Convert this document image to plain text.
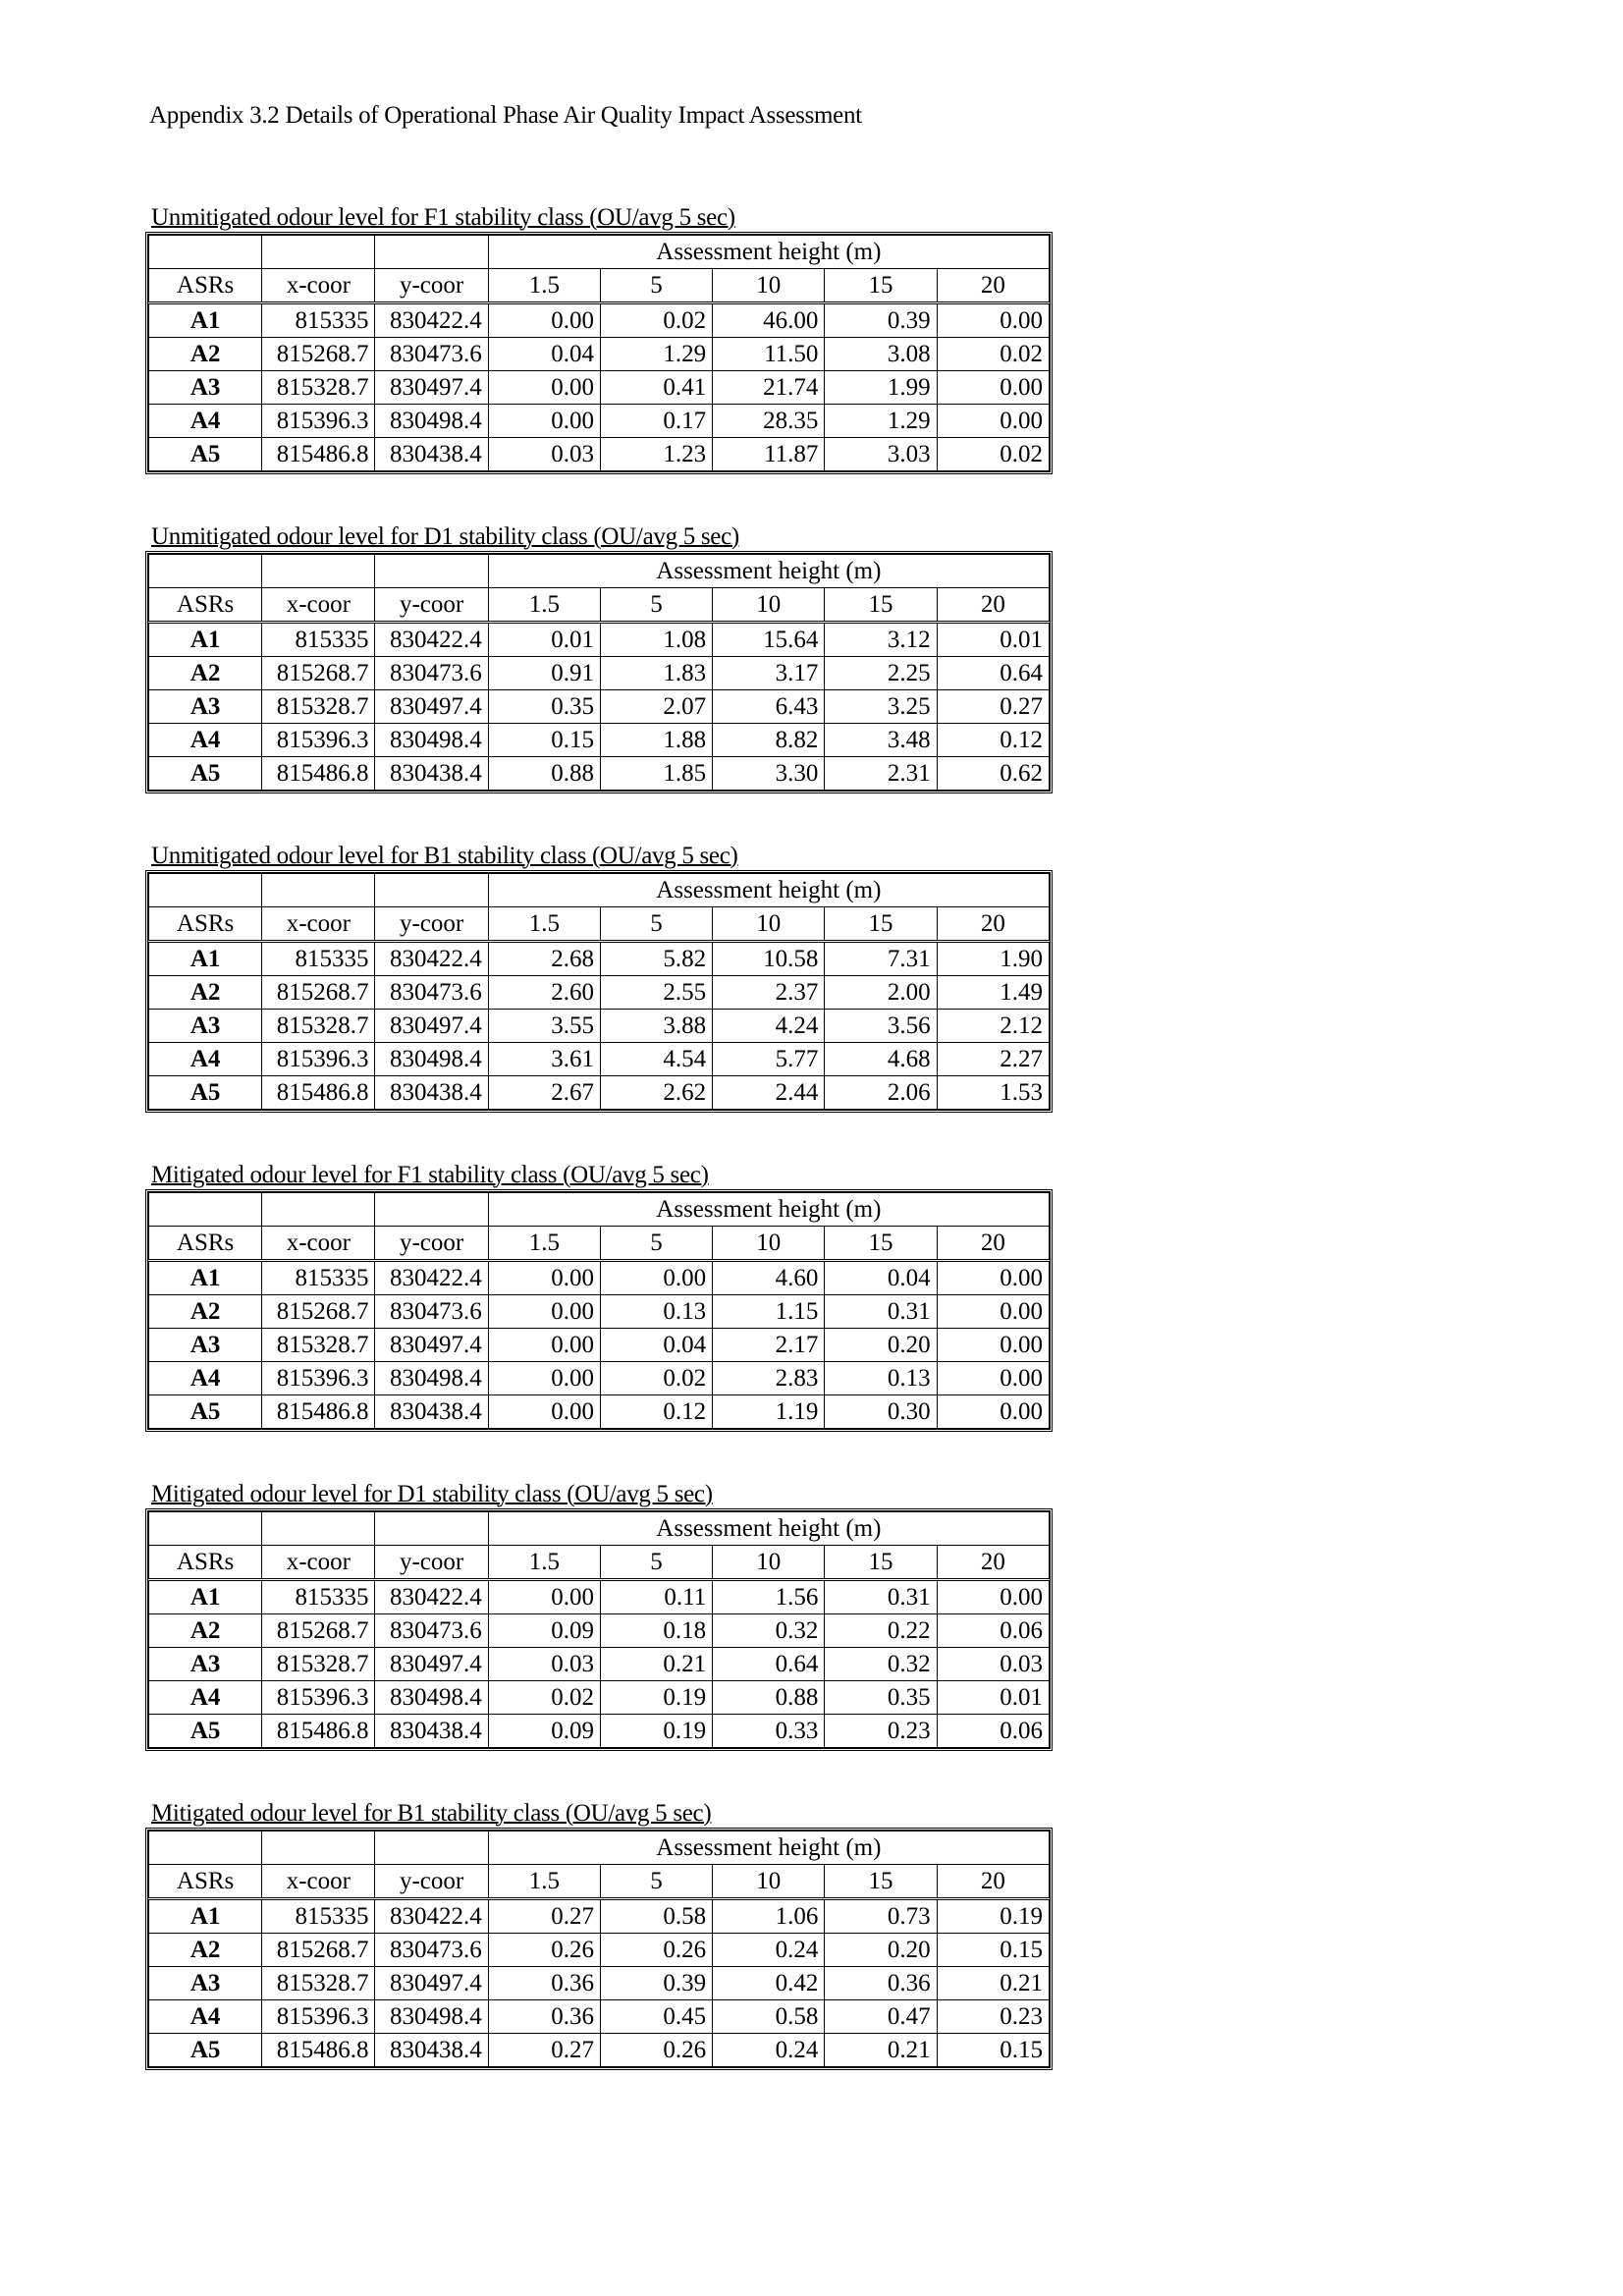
Appendix 3.2 Details of Operational Phase Air Quality Impact Assessment
Unmitigated odour level for F1 stability class (OU/avg 5 sec)
			Assessment height (m)				
ASRs	x-coor	y-coor	1.5	5	10	15	20
A1	815335	830422.4	0.00	0.02	46.00	0.39	0.00
A2	815268.7	830473.6	0.04	1.29	11.50	3.08	0.02
A3	815328.7	830497.4	0.00	0.41	21.74	1.99	0.00
A4	815396.3	830498.4	0.00	0.17	28.35	1.29	0.00
A5	815486.8	830438.4	0.03	1.23	11.87	3.03	0.02
Unmitigated odour level for D1 stability class (OU/avg 5 sec)
			Assessment height (m)				
ASRs	x-coor	y-coor	1.5	5	10	15	20
A1	815335	830422.4	0.01	1.08	15.64	3.12	0.01
A2	815268.7	830473.6	0.91	1.83	3.17	2.25	0.64
A3	815328.7	830497.4	0.35	2.07	6.43	3.25	0.27
A4	815396.3	830498.4	0.15	1.88	8.82	3.48	0.12
A5	815486.8	830438.4	0.88	1.85	3.30	2.31	0.62
Unmitigated odour level for B1 stability class (OU/avg 5 sec)
			Assessment height (m)				
ASRs	x-coor	y-coor	1.5	5	10	15	20
A1	815335	830422.4	2.68	5.82	10.58	7.31	1.90
A2	815268.7	830473.6	2.60	2.55	2.37	2.00	1.49
A3	815328.7	830497.4	3.55	3.88	4.24	3.56	2.12
A4	815396.3	830498.4	3.61	4.54	5.77	4.68	2.27
A5	815486.8	830438.4	2.67	2.62	2.44	2.06	1.53
Mitigated odour level for F1 stability class (OU/avg 5 sec)
			Assessment height (m)				
ASRs	x-coor	y-coor	1.5	5	10	15	20
A1	815335	830422.4	0.00	0.00	4.60	0.04	0.00
A2	815268.7	830473.6	0.00	0.13	1.15	0.31	0.00
A3	815328.7	830497.4	0.00	0.04	2.17	0.20	0.00
A4	815396.3	830498.4	0.00	0.02	2.83	0.13	0.00
A5	815486.8	830438.4	0.00	0.12	1.19	0.30	0.00
Mitigated odour level for D1 stability class (OU/avg 5 sec)
			Assessment height (m)				
ASRs	x-coor	y-coor	1.5	5	10	15	20
A1	815335	830422.4	0.00	0.11	1.56	0.31	0.00
A2	815268.7	830473.6	0.09	0.18	0.32	0.22	0.06
A3	815328.7	830497.4	0.03	0.21	0.64	0.32	0.03
A4	815396.3	830498.4	0.02	0.19	0.88	0.35	0.01
A5	815486.8	830438.4	0.09	0.19	0.33	0.23	0.06
Mitigated odour level for B1 stability class (OU/avg 5 sec)
			Assessment height (m)				
ASRs	x-coor	y-coor	1.5	5	10	15	20
A1	815335	830422.4	0.27	0.58	1.06	0.73	0.19
A2	815268.7	830473.6	0.26	0.26	0.24	0.20	0.15
A3	815328.7	830497.4	0.36	0.39	0.42	0.36	0.21
A4	815396.3	830498.4	0.36	0.45	0.58	0.47	0.23
A5	815486.8	830438.4	0.27	0.26	0.24	0.21	0.15
